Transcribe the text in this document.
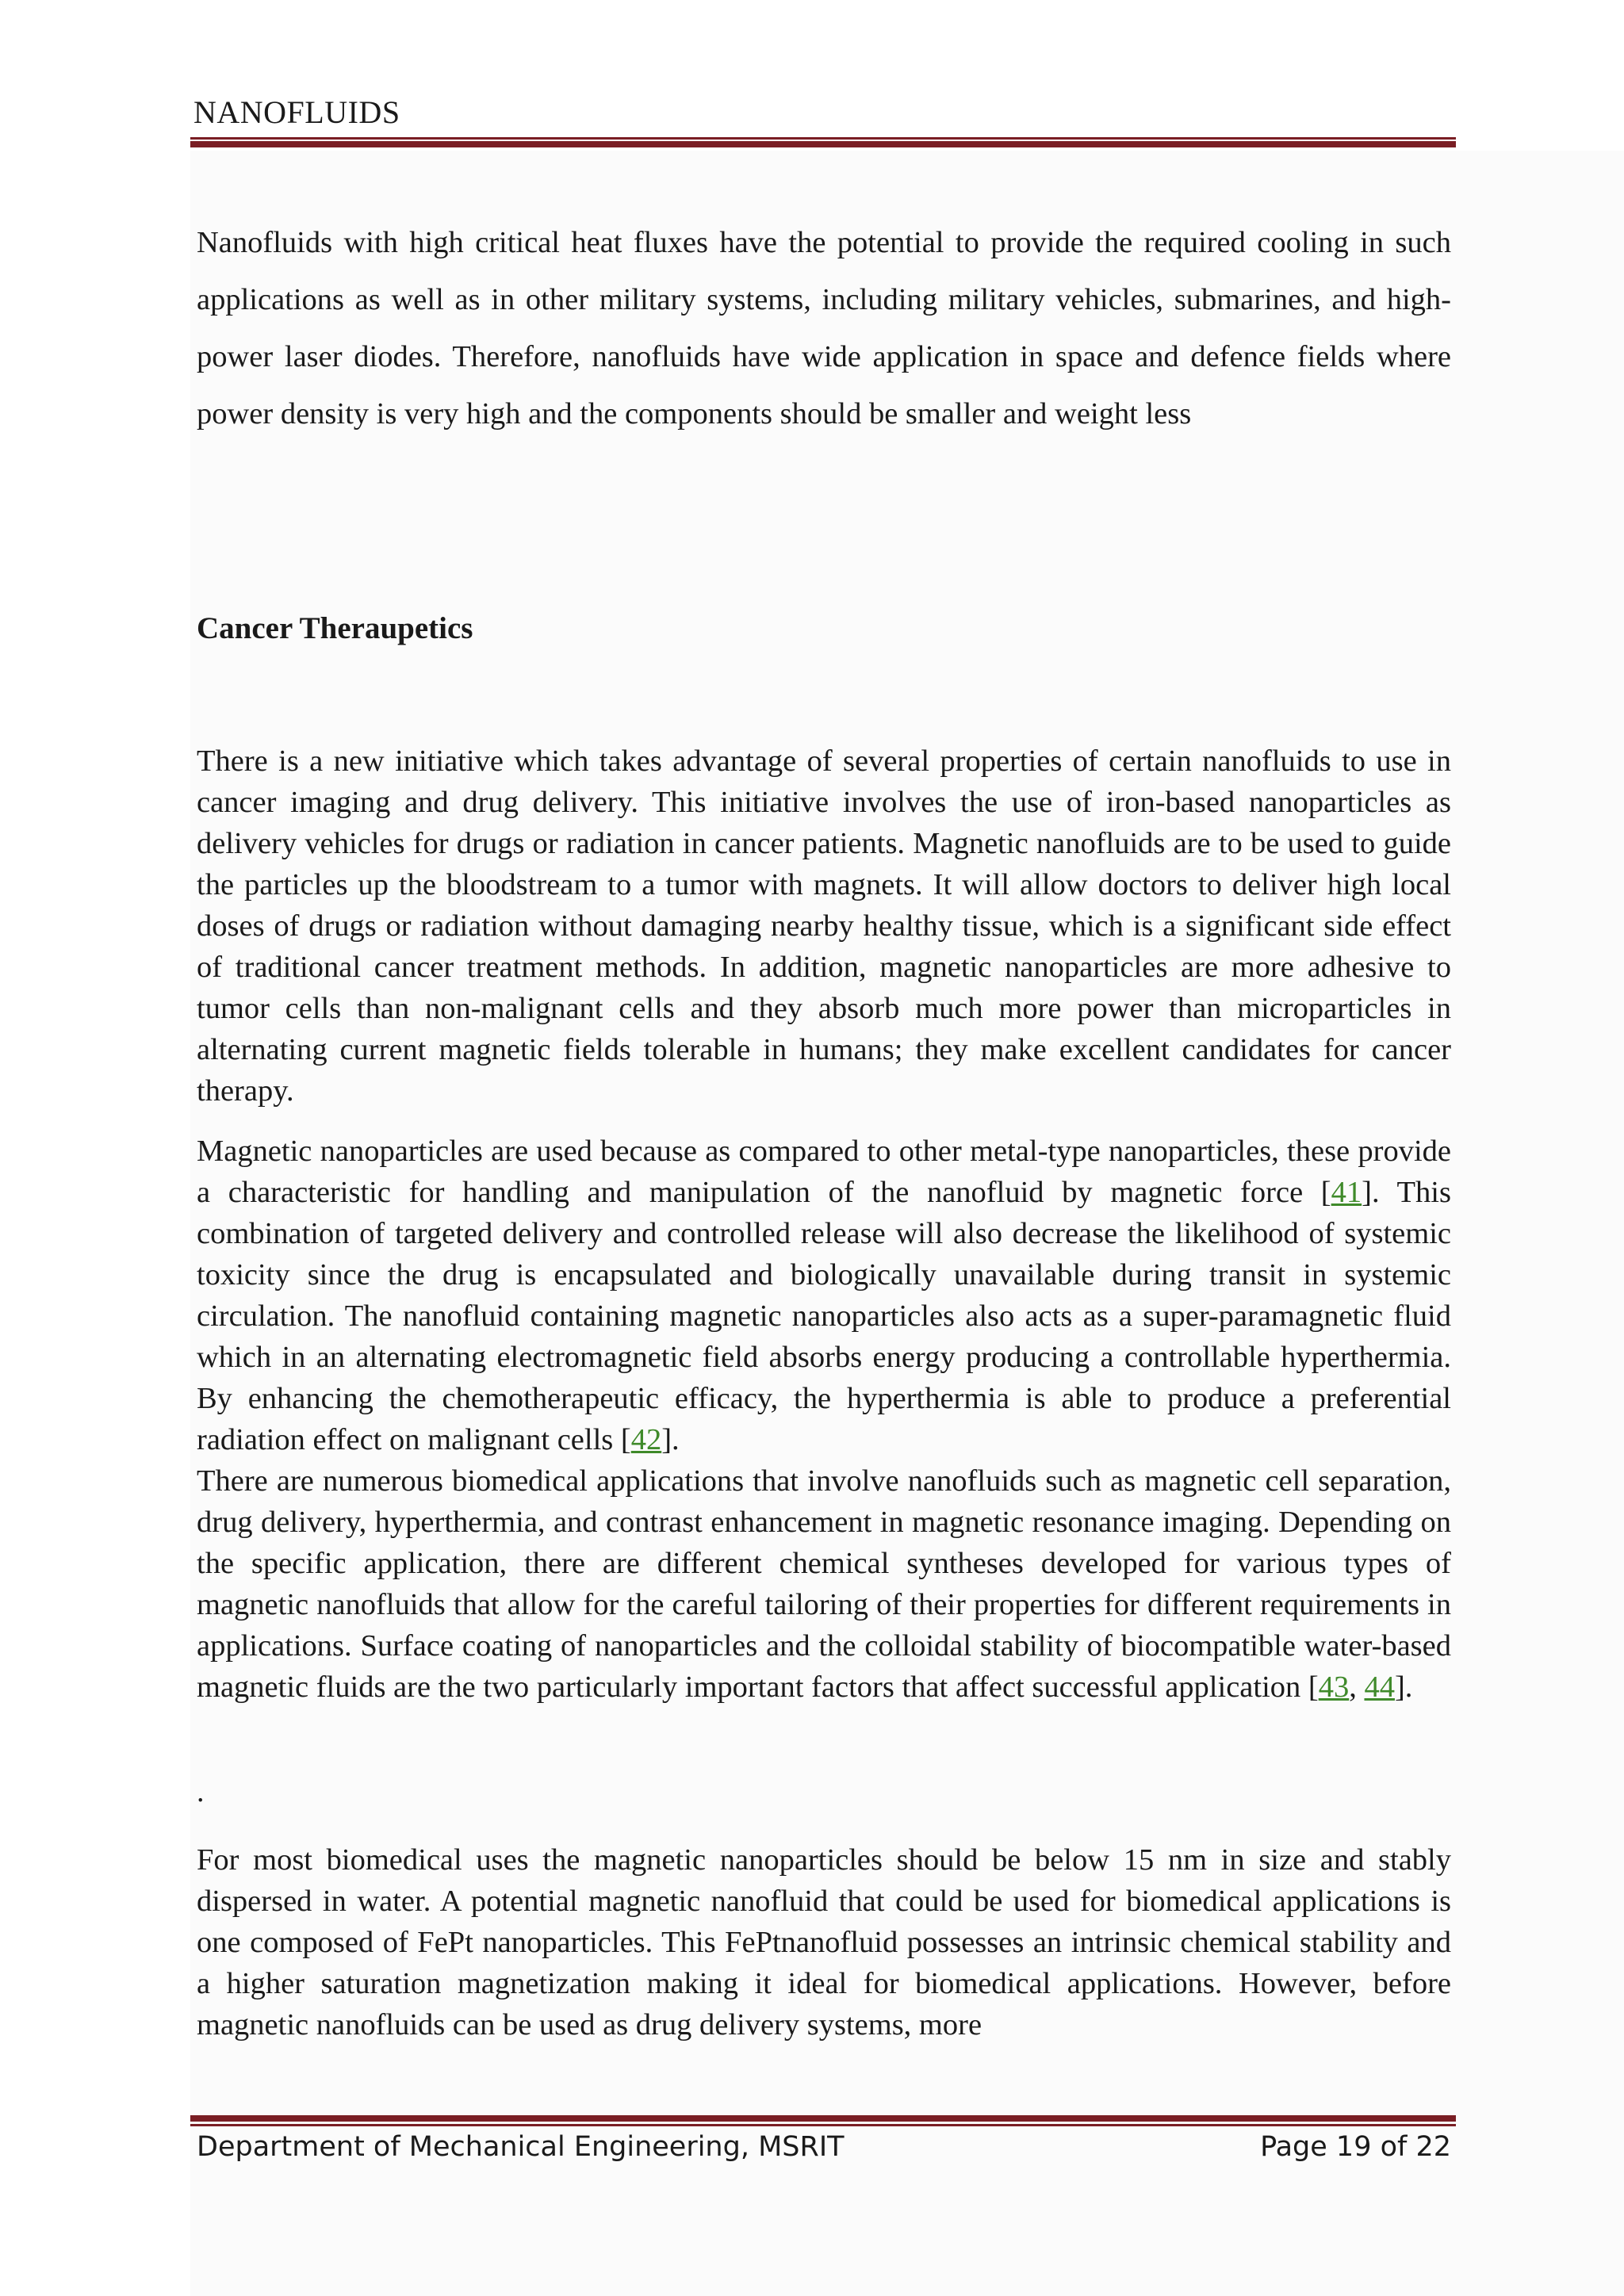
NANOFLUIDS

Nanofluids with high critical heat fluxes have the potential to provide the required cooling in such applications as well as in other military systems, including military vehicles, submarines, and high-power laser diodes. Therefore, nanofluids have wide application in space and defence fields where power density is very high and the components should be smaller and weight less

Cancer Theraupetics

There is a new initiative which takes advantage of several properties of certain nanofluids to use in cancer imaging and drug delivery. This initiative involves the use of iron-based nanoparticles as delivery vehicles for drugs or radiation in cancer patients. Magnetic nanofluids are to be used to guide the particles up the bloodstream to a tumor with magnets. It will allow doctors to deliver high local doses of drugs or radiation without damaging nearby healthy tissue, which is a significant side effect of traditional cancer treatment methods. In addition, magnetic nanoparticles are more adhesive to tumor cells than non-malignant cells and they absorb much more power than microparticles in alternating current magnetic fields tolerable in humans; they make excellent candidates for cancer therapy.

Magnetic nanoparticles are used because as compared to other metal-type nanoparticles, these provide a characteristic for handling and manipulation of the nanofluid by magnetic force [41]. This combination of targeted delivery and controlled release will also decrease the likelihood of systemic toxicity since the drug is encapsulated and biologically unavailable during transit in systemic circulation. The nanofluid containing magnetic nanoparticles also acts as a super-paramagnetic fluid which in an alternating electromagnetic field absorbs energy producing a controllable hyperthermia. By enhancing the chemotherapeutic efficacy, the hyperthermia is able to produce a preferential radiation effect on malignant cells [42].
There are numerous biomedical applications that involve nanofluids such as magnetic cell separation, drug delivery, hyperthermia, and contrast enhancement in magnetic resonance imaging. Depending on the specific application, there are different chemical syntheses developed for various types of magnetic nanofluids that allow for the careful tailoring of their properties for different requirements in applications. Surface coating of nanoparticles and the colloidal stability of biocompatible water-based magnetic fluids are the two particularly important factors that affect successful application [43, 44].

.

For most biomedical uses the magnetic nanoparticles should be below 15 nm in size and stably dispersed in water. A potential magnetic nanofluid that could be used for biomedical applications is one composed of FePt nanoparticles. This FePtnanofluid possesses an intrinsic chemical stability and a higher saturation magnetization making it ideal for biomedical applications. However, before magnetic nanofluids can be used as drug delivery systems, more

Department of Mechanical Engineering, MSRIT	Page 19 of 22
